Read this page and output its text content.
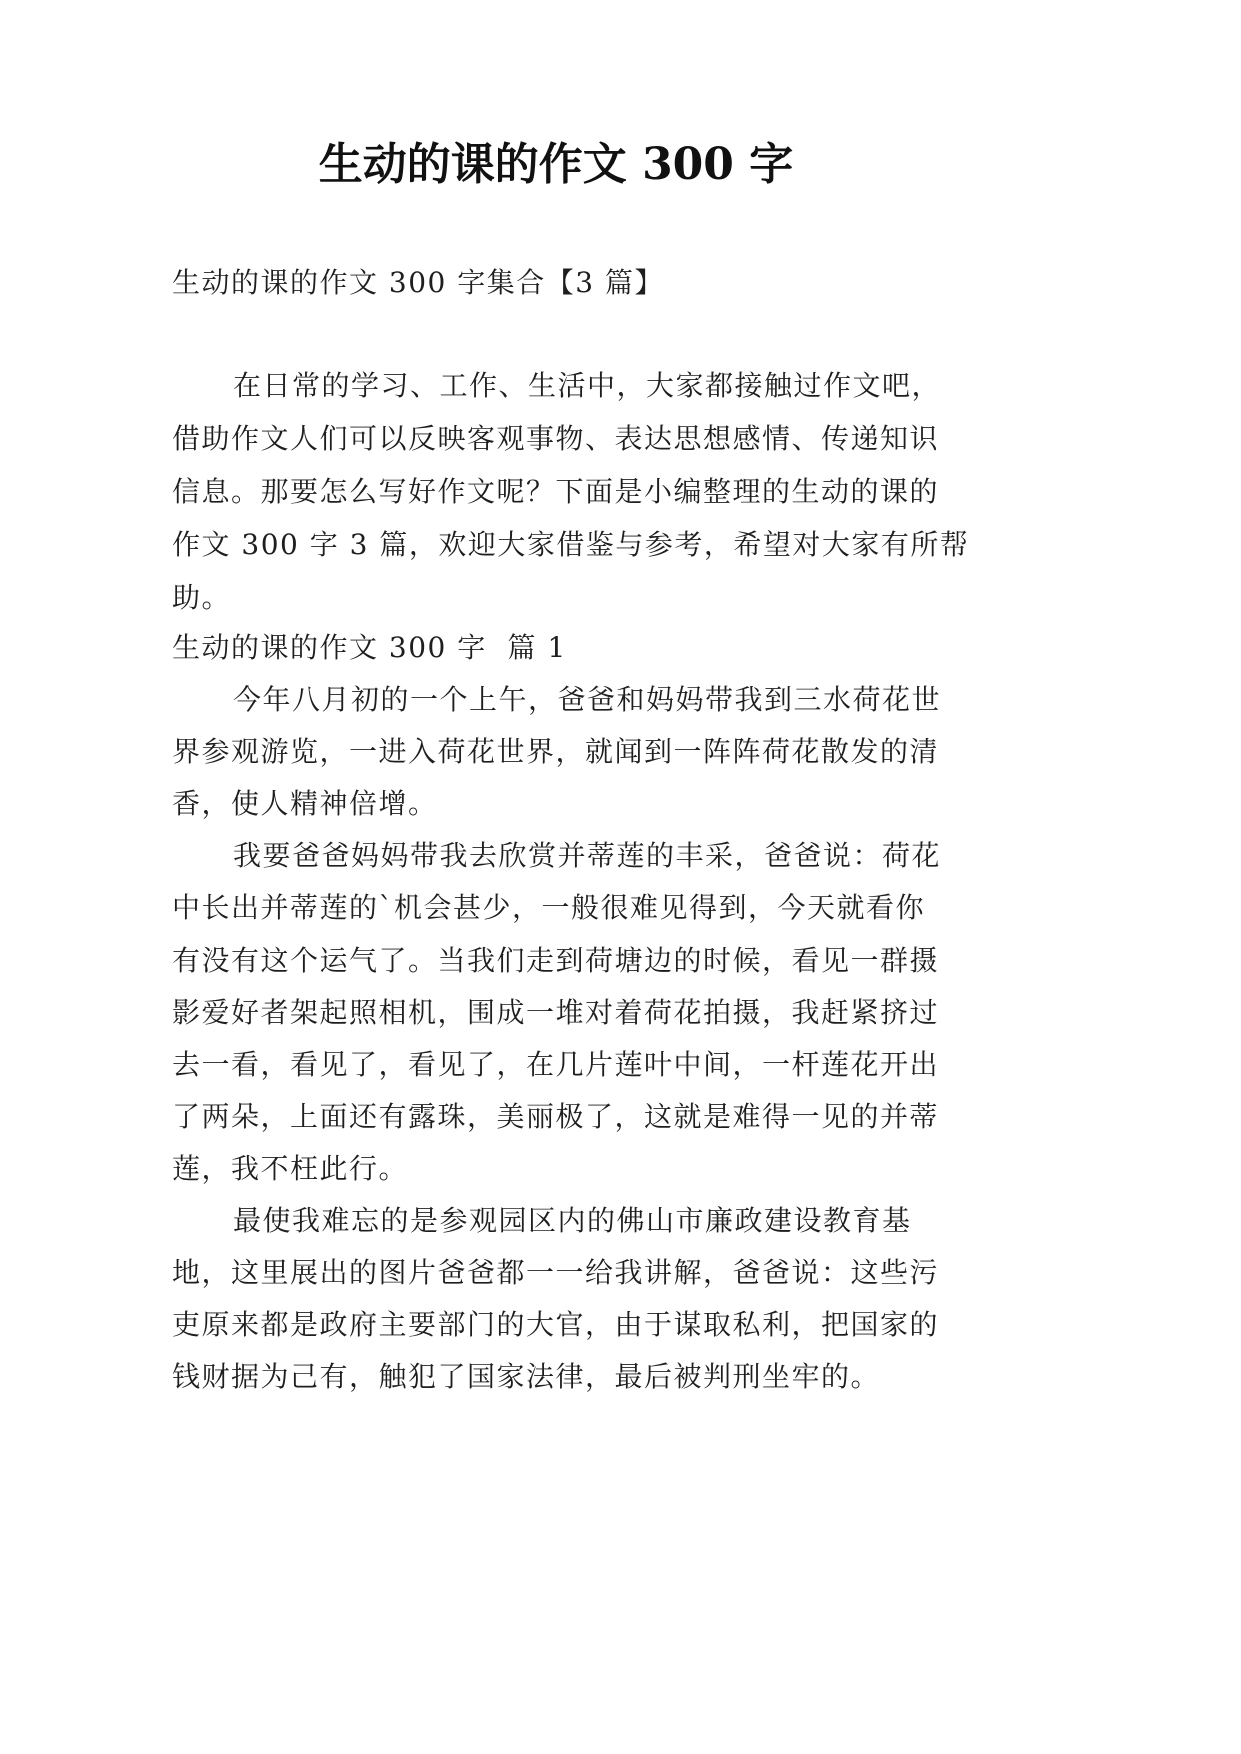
生动的课的作文 300 字
生动的课的作文 300 字集合【3 篇】
在日常的学习、工作、生活中，大家都接触过作文吧，
借助作文人们可以反映客观事物、表达思想感情、传递知识
信息。那要怎么写好作文呢？下面是小编整理的生动的课的
作文 300 字 3 篇，欢迎大家借鉴与参考，希望对大家有所帮
助。
生动的课的作文 300 字  篇 1
今年八月初的一个上午，爸爸和妈妈带我到三水荷花世
界参观游览，一进入荷花世界，就闻到一阵阵荷花散发的清
香，使人精神倍增。
我要爸爸妈妈带我去欣赏并蒂莲的丰采，爸爸说：荷花
中长出并蒂莲的`机会甚少，一般很难见得到，今天就看你
有没有这个运气了。当我们走到荷塘边的时候，看见一群摄
影爱好者架起照相机，围成一堆对着荷花拍摄，我赶紧挤过
去一看，看见了，看见了，在几片莲叶中间，一杆莲花开出
了两朵，上面还有露珠，美丽极了，这就是难得一见的并蒂
莲，我不枉此行。
最使我难忘的是参观园区内的佛山市廉政建设教育基
地，这里展出的图片爸爸都一一给我讲解，爸爸说：这些污
吏原来都是政府主要部门的大官，由于谋取私利，把国家的
钱财据为己有，触犯了国家法律，最后被判刑坐牢的。
